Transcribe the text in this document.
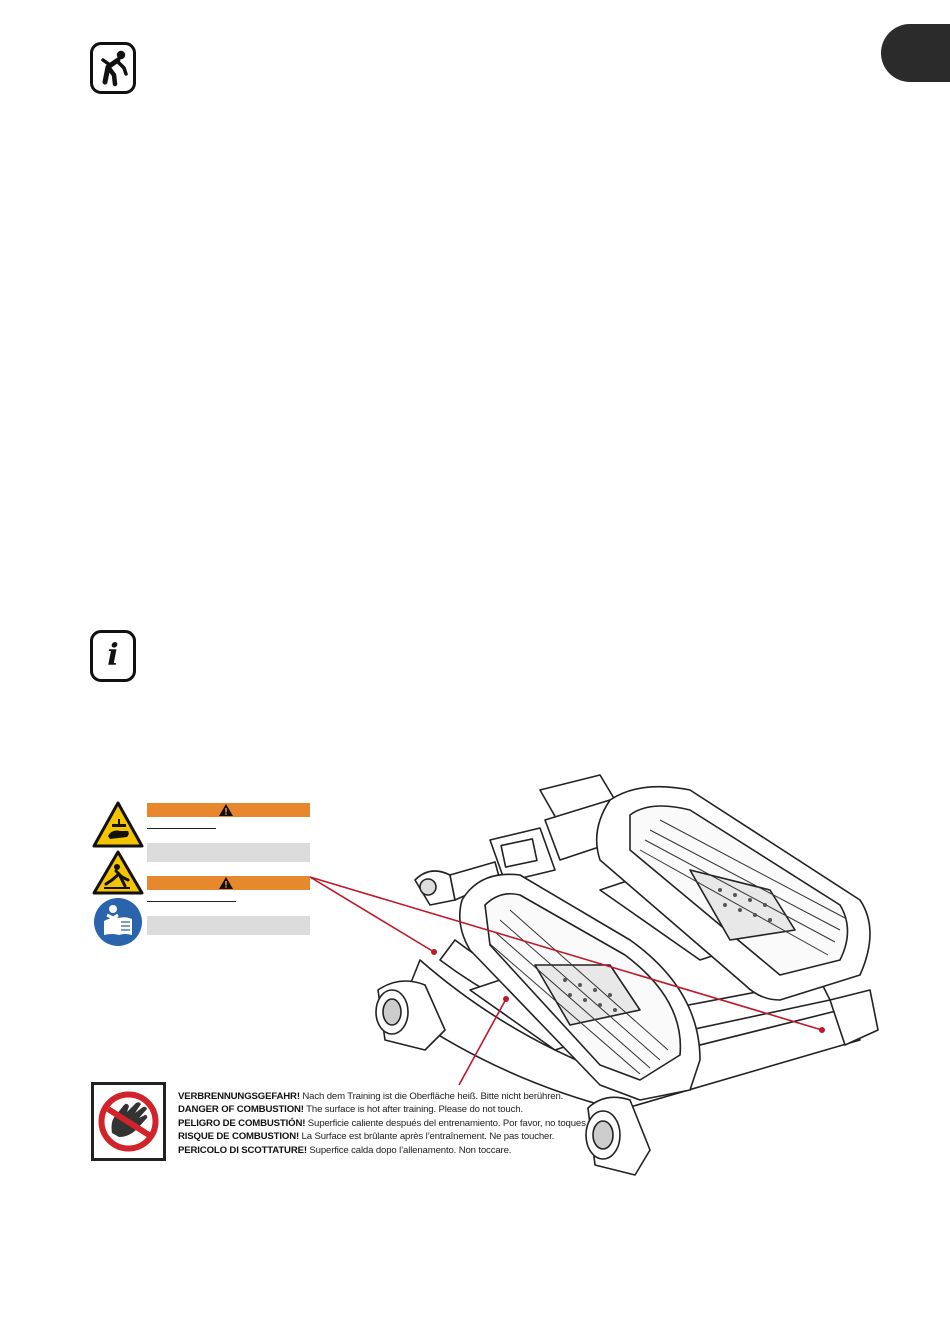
i
VERBRENNUNGSGEFAHR! Nach dem Training ist die Oberfläche heiß. Bitte nicht berühren.
DANGER OF COMBUSTION! The surface is hot after training. Please do not touch.
PELIGRO DE COMBUSTIÓN! Superficie caliente después del entrenamiento. Por favor, no toques.
RISQUE DE COMBUSTION! La Surface est brûlante après l’entraînement. Ne pas toucher.
PERICOLO DI SCOTTATURE! Superfice calda dopo l’allenamento. Non toccare.
